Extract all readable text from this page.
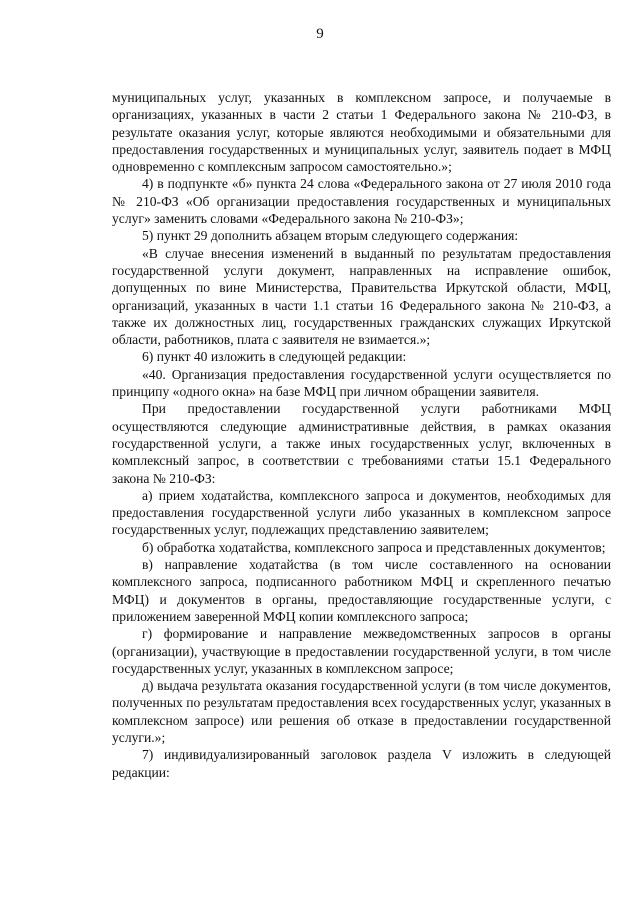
9

муниципальных услуг, указанных в комплексном запросе, и получаемые в организациях, указанных в части 2 статьи 1 Федерального закона № 210-ФЗ, в результате оказания услуг, которые являются необходимыми и обязательными для предоставления государственных и муниципальных услуг, заявитель подает в МФЦ одновременно с комплексным запросом самостоятельно.»;

4) в подпункте «б» пункта 24 слова «Федерального закона от 27 июля 2010 года № 210-ФЗ «Об организации предоставления государственных и муниципальных услуг» заменить словами «Федерального закона № 210-ФЗ»;

5) пункт 29 дополнить абзацем вторым следующего содержания:

«В случае внесения изменений в выданный по результатам предоставления государственной услуги документ, направленных на исправление ошибок, допущенных по вине Министерства, Правительства Иркутской области, МФЦ, организаций, указанных в части 1.1 статьи 16 Федерального закона № 210-ФЗ, а также их должностных лиц, государственных гражданских служащих Иркутской области, работников, плата с заявителя не взимается.»;

6) пункт 40 изложить в следующей редакции:

«40. Организация предоставления государственной услуги осуществляется по принципу «одного окна» на базе МФЦ при личном обращении заявителя.

При предоставлении государственной услуги работниками МФЦ осуществляются следующие административные действия, в рамках оказания государственной услуги, а также иных государственных услуг, включенных в комплексный запрос, в соответствии с требованиями статьи 15.1 Федерального закона № 210-ФЗ:

а) прием ходатайства, комплексного запроса и документов, необходимых для предоставления государственной услуги либо указанных в комплексном запросе государственных услуг, подлежащих представлению заявителем;

б) обработка ходатайства, комплексного запроса и представленных документов;

в) направление ходатайства (в том числе составленного на основании комплексного запроса, подписанного работником МФЦ и скрепленного печатью МФЦ) и документов в органы, предоставляющие государственные услуги, с приложением заверенной МФЦ копии комплексного запроса;

г) формирование и направление межведомственных запросов в органы (организации), участвующие в предоставлении государственной услуги, в том числе государственных услуг, указанных в комплексном запросе;

д) выдача результата оказания государственной услуги (в том числе документов, полученных по результатам предоставления всех государственных услуг, указанных в комплексном запросе) или решения об отказе в предоставлении государственной услуги.»;

7) индивидуализированный заголовок раздела V изложить в следующей редакции:
